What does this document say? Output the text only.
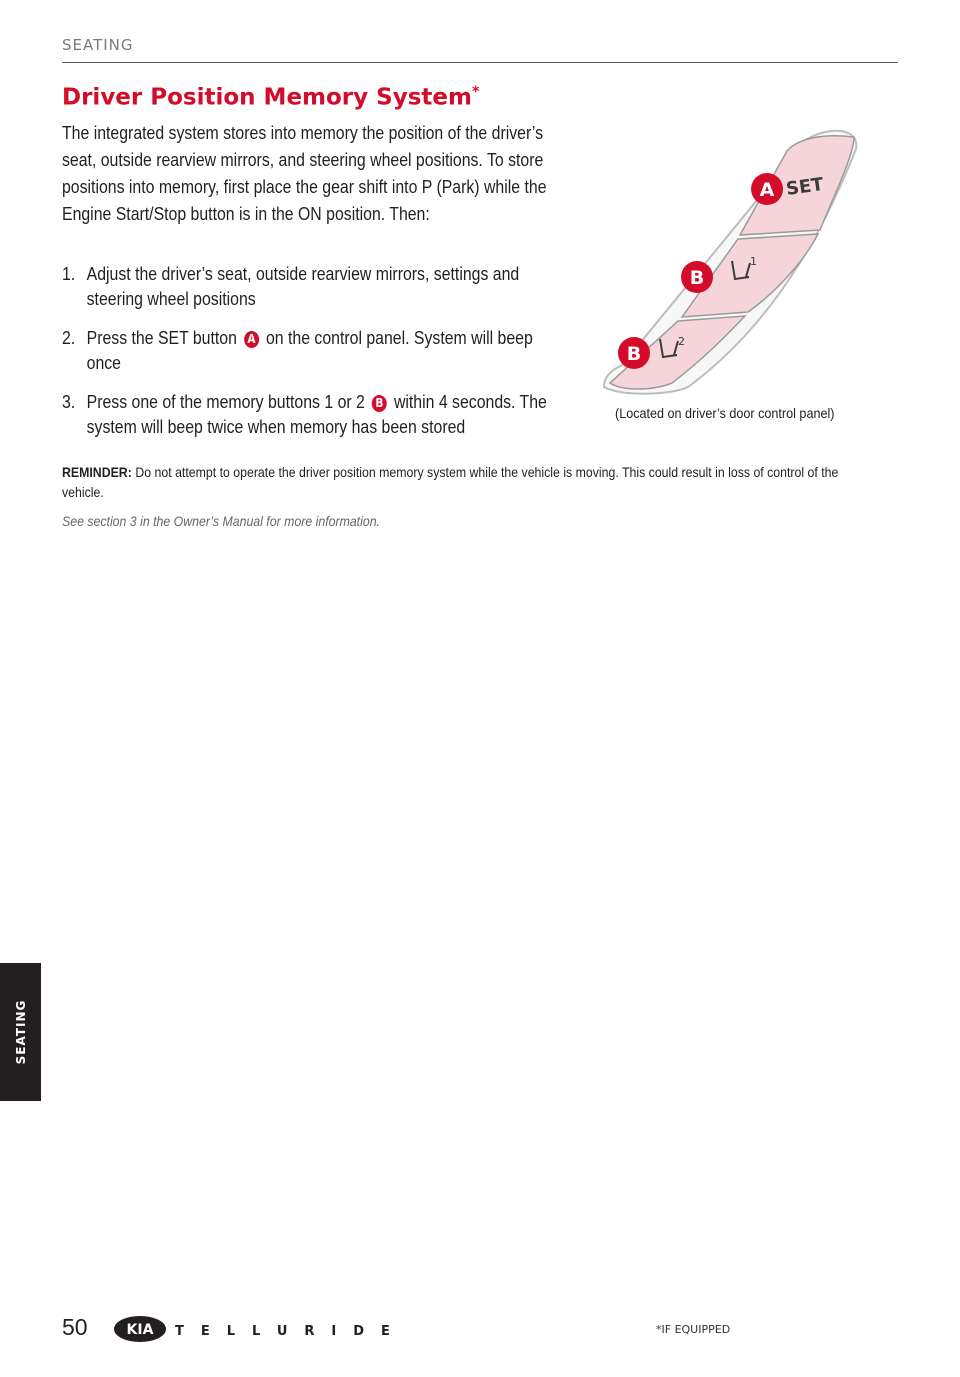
SEATING
Driver Position Memory System*

The integrated system stores into memory the position of the driver’s seat, outside rearview mirrors, and steering wheel positions. To store positions into memory, first place the gear shift into P (Park) while the Engine Start/Stop button is in the ON position. Then:

1. Adjust the driver’s seat, outside rearview mirrors, settings and steering wheel positions
2. Press the SET button A on the control panel. System will beep once
3. Press one of the memory buttons 1 or 2 B within 4 seconds. The system will beep twice when memory has been stored
SET
1
2
A
B
B

(Located on driver’s door control panel)

REMINDER: Do not attempt to operate the driver position memory system while the vehicle is moving. This could result in loss of control of the vehicle.

See section 3 in the Owner’s Manual for more information.

SEATING

50	KIA TELLURIDE	*IF EQUIPPED
